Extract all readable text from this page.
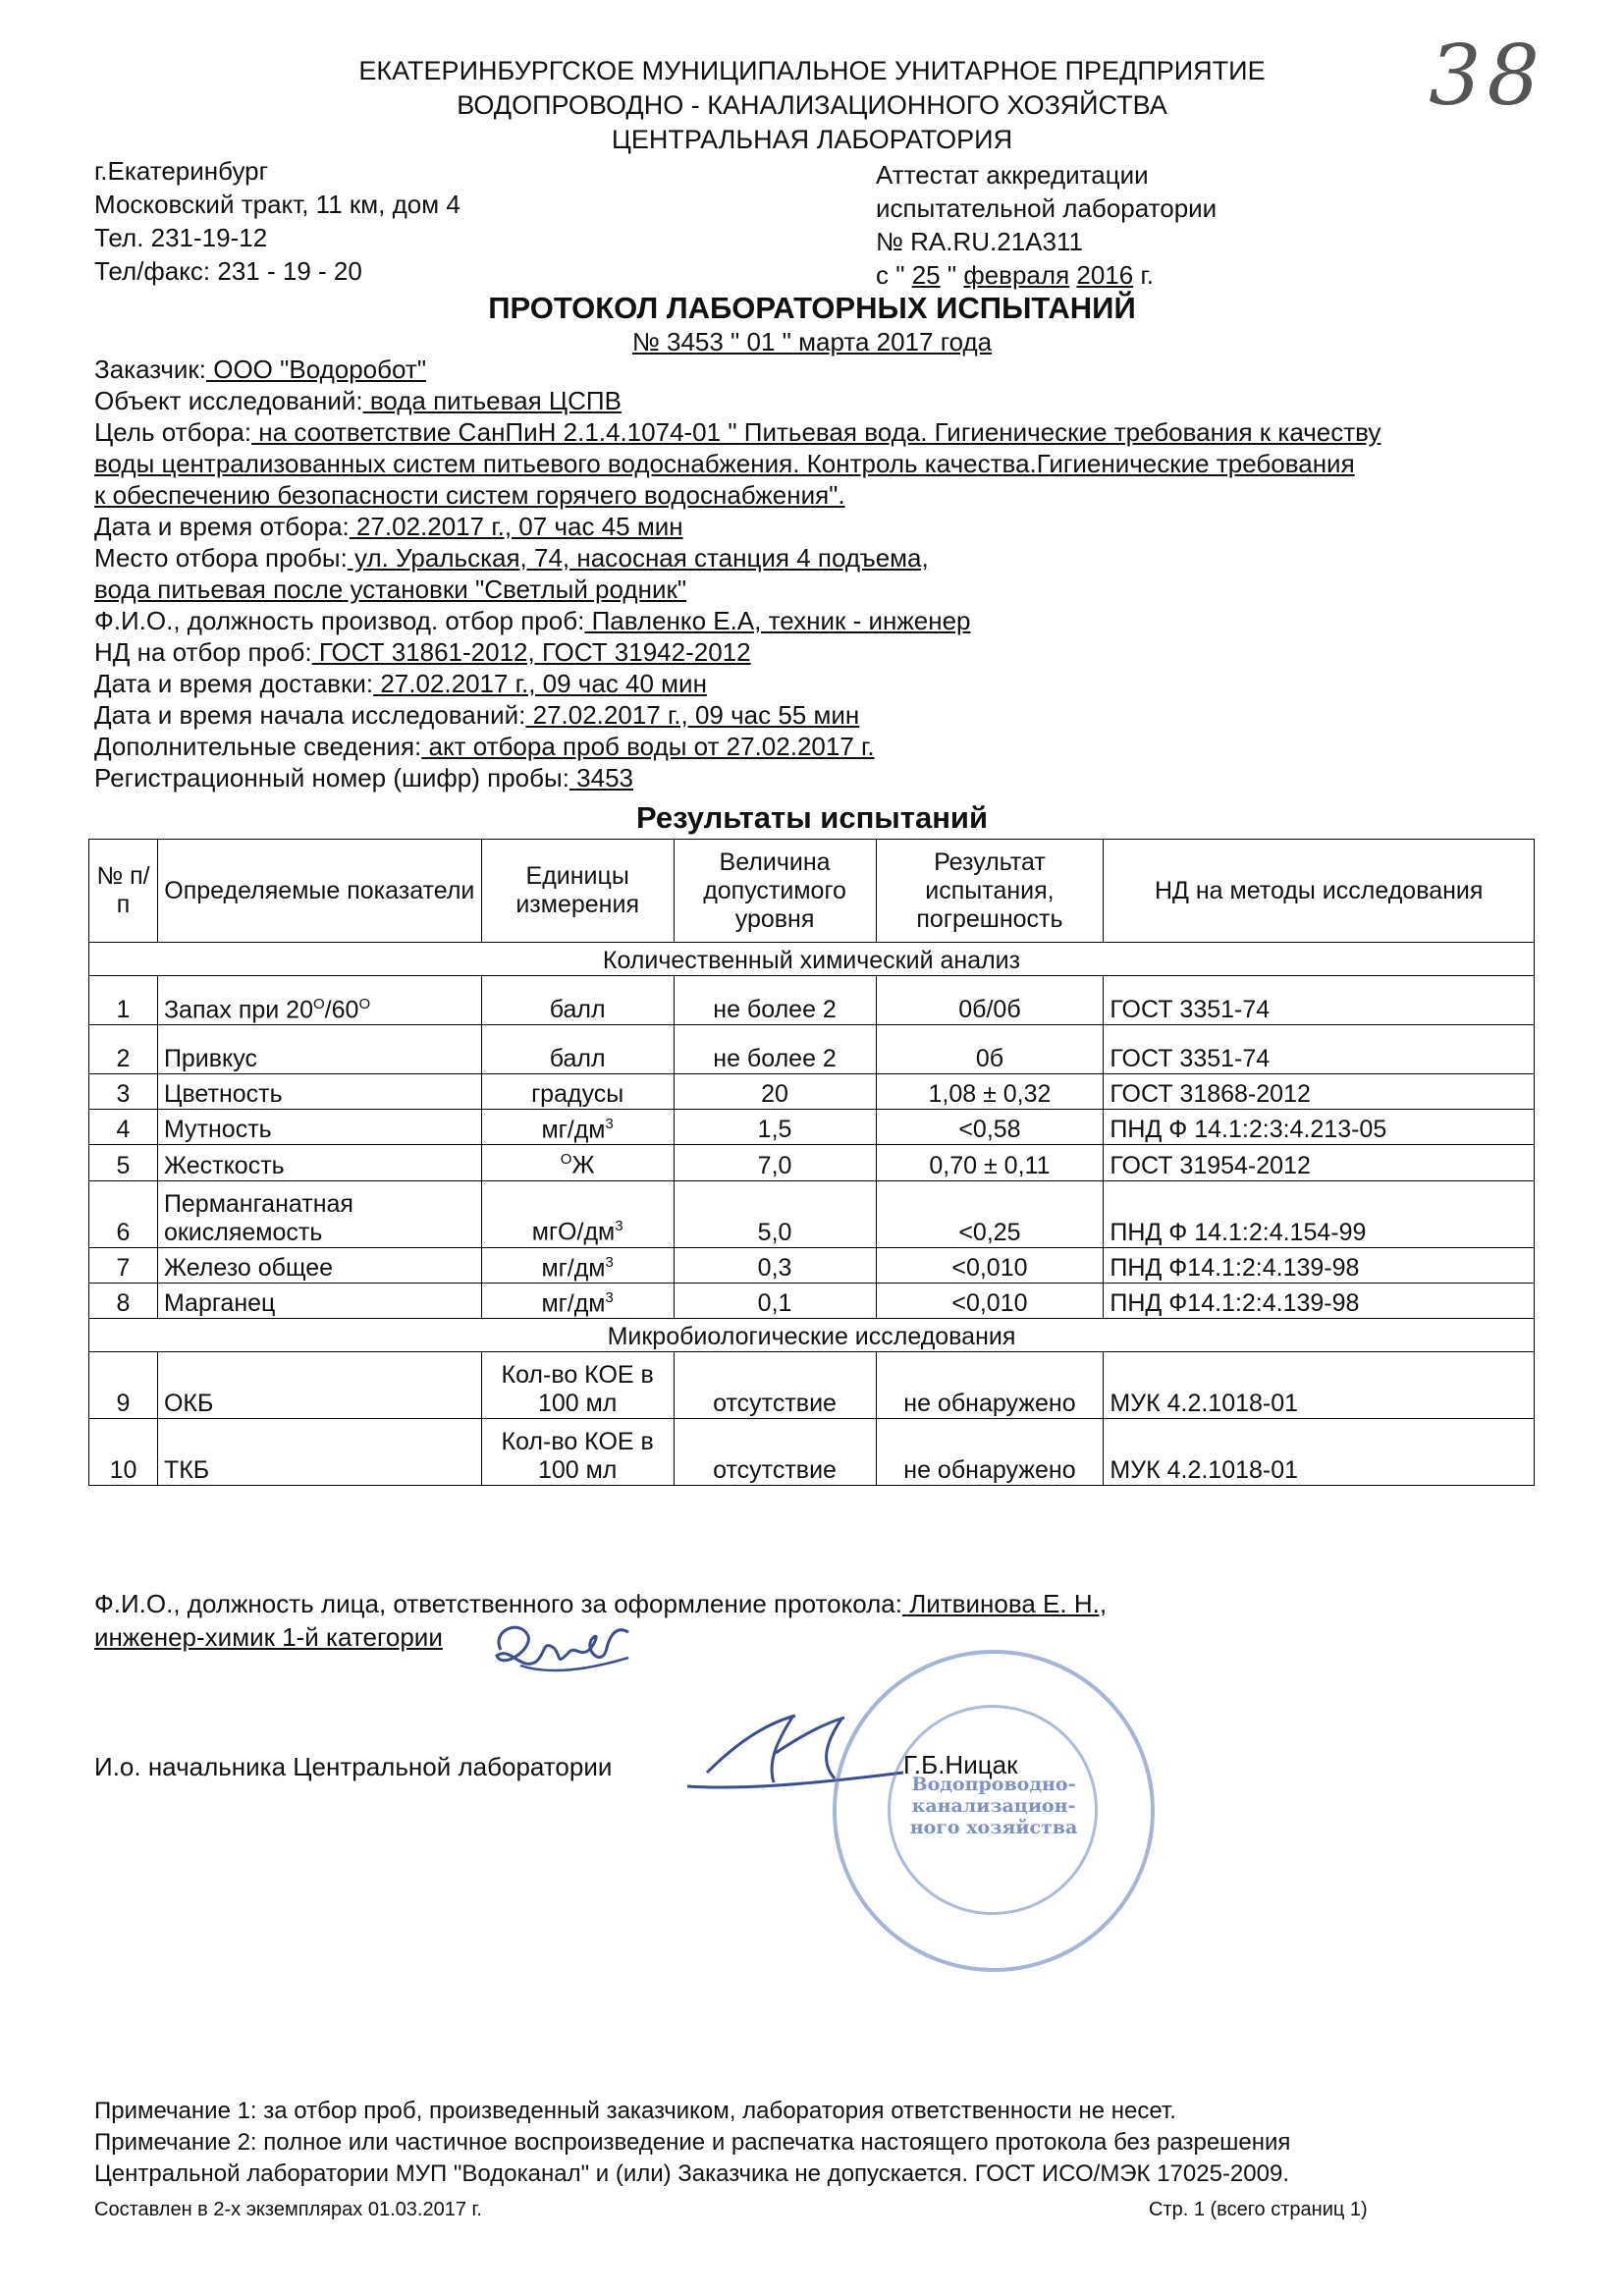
ЕКАТЕРИНБУРГСКОЕ МУНИЦИПАЛЬНОЕ УНИТАРНОЕ ПРЕДПРИЯТИЕ
ВОДОПРОВОДНО - КАНАЛИЗАЦИОННОГО ХОЗЯЙСТВА
ЦЕНТРАЛЬНАЯ ЛАБОРАТОРИЯ
38
г.Екатеринбург
Московский тракт, 11 км, дом 4
Тел. 231-19-12
Тел/факс: 231 - 19 - 20
Аттестат аккредитации
испытательной лаборатории
№ RA.RU.21A311
с " 25 " февраля 2016 г.
ПРОТОКОЛ ЛАБОРАТОРНЫХ ИСПЫТАНИЙ
№ 3453 " 01 " марта 2017 года
Заказчик: ООО "Водоробот"
Объект исследований: вода питьевая ЦСПВ
Цель отбора: на соответствие СанПиН 2.1.4.1074-01 " Питьевая вода. Гигиенические требования к качеству
воды централизованных систем питьевого водоснабжения. Контроль качества.Гигиенические требования
к обеспечению безопасности систем горячего водоснабжения".
Дата и время отбора: 27.02.2017 г., 07 час 45 мин
Место отбора пробы: ул. Уральская, 74, насосная станция 4 подъема,
вода питьевая после установки "Светлый родник"
Ф.И.О., должность производ. отбор проб: Павленко Е.А, техник - инженер
НД на отбор проб: ГОСТ 31861-2012, ГОСТ 31942-2012
Дата и время доставки: 27.02.2017 г., 09 час 40 мин
Дата и время начала исследований: 27.02.2017 г., 09 час 55 мин
Дополнительные сведения: акт отбора проб воды от 27.02.2017 г.
Регистрационный номер (шифр) пробы: 3453
Результаты испытаний
№ п/п	Определяемые показатели	Единицы измерения	Величина допустимого уровня	Результат испытания, погрешность	НД на методы исследования
Количественный химический анализ					
1	Запах при $20^O/60^O$	балл	не более 2	0б/0б	ГОСТ 3351-74
2	Привкус	балл	не более 2	0б	ГОСТ 3351-74
3	Цветность	градусы	20	1,08 ± 0,32	ГОСТ 31868-2012
4	Мутность	$мг/дм^3$	1,5	<0,58	ПНД Ф 14.1:2:3:4.213-05
5	Жесткость	$^O$Ж	7,0	0,70 ± 0,11	ГОСТ 31954-2012
6	Перманганатная окисляемость	мгО/$дм^3$	5,0	<0,25	ПНД Ф 14.1:2:4.154-99
7	Железо общее	$мг/дм^3$	0,3	<0,010	ПНД Ф14.1:2:4.139-98
8	Марганец	$мг/дм^3$	0,1	<0,010	ПНД Ф14.1:2:4.139-98
Микробиологические исследования					
9	ОКБ	Кол-во КОЕ в 100 мл	отсутствие	не обнаружено	МУК 4.2.1018-01
10	ТКБ	Кол-во КОЕ в 100 мл	отсутствие	не обнаружено	МУК 4.2.1018-01
Ф.И.О., должность лица, ответственного за оформление протокола: Литвинова Е. Н.,
инженер-химик 1-й категории
И.о. начальника Центральной лаборатории	Г.Б.Ницак
Водопроводно-канализацион-ного хозяйства
Примечание 1: за отбор проб, произведенный заказчиком, лаборатория ответственности не несет.
Примечание 2: полное или частичное воспроизведение и распечатка настоящего протокола без разрешения
Центральной лаборатории МУП "Водоканал" и (или) Заказчика не допускается. ГОСТ ИСО/МЭК 17025-2009.
Составлен в 2-х экземплярах 01.03.2017 г.	Стр. 1 (всего страниц 1)
